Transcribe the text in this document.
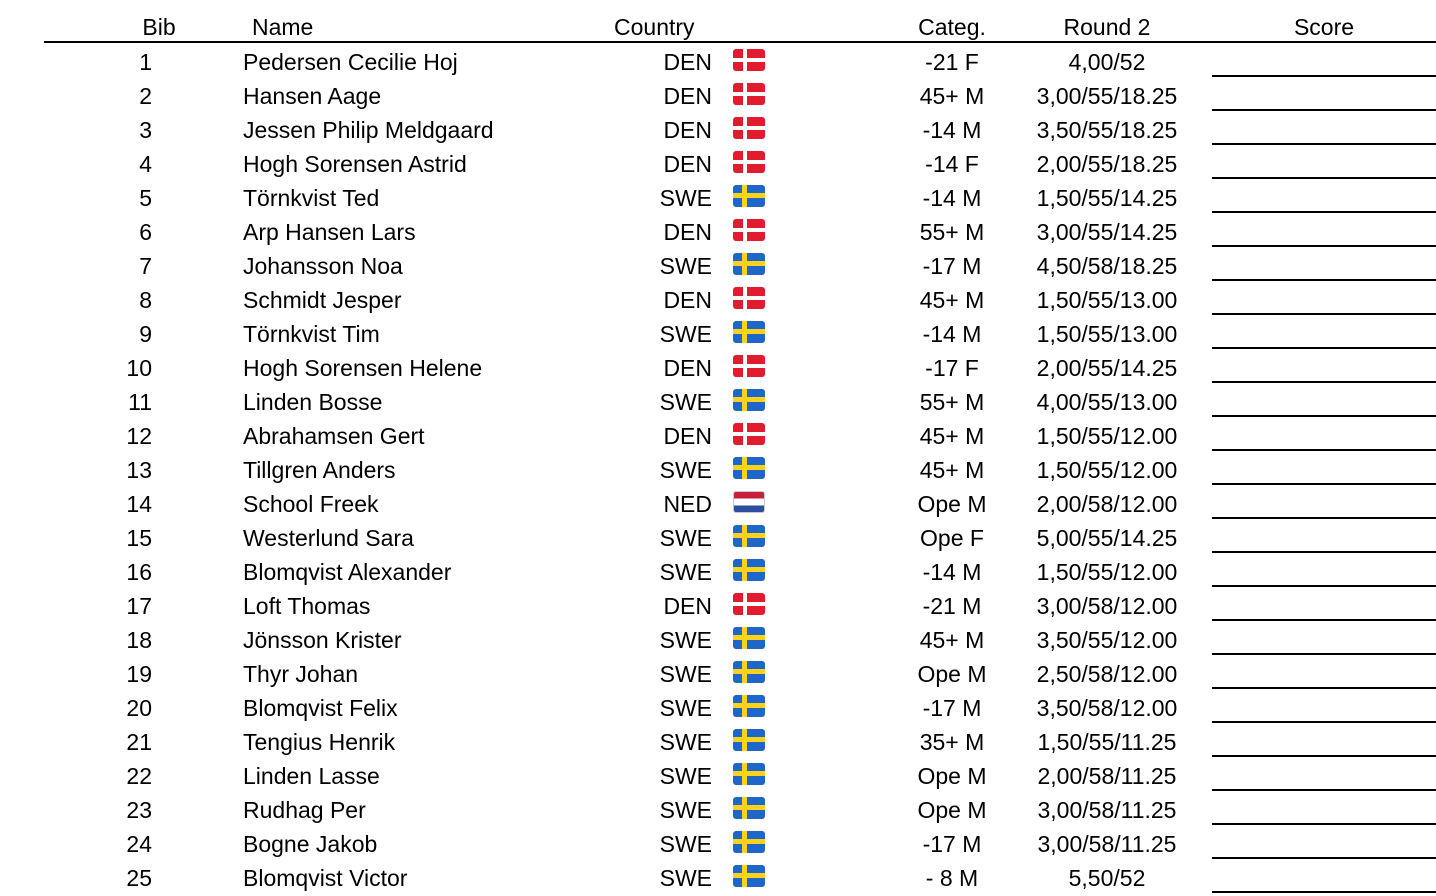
Bib	Name	Country	Categ.	Round 2	Score
1	Pedersen Cecilie Hoj	DEN	-21 F	4,00/52
2	Hansen Aage	DEN	45+ M	3,00/55/18.25
3	Jessen Philip Meldgaard	DEN	-14 M	3,50/55/18.25
4	Hogh Sorensen Astrid	DEN	-14 F	2,00/55/18.25
5	Törnkvist Ted	SWE	-14 M	1,50/55/14.25
6	Arp Hansen Lars	DEN	55+ M	3,00/55/14.25
7	Johansson Noa	SWE	-17 M	4,50/58/18.25
8	Schmidt Jesper	DEN	45+ M	1,50/55/13.00
9	Törnkvist Tim	SWE	-14 M	1,50/55/13.00
10	Hogh Sorensen Helene	DEN	-17 F	2,00/55/14.25
11	Linden Bosse	SWE	55+ M	4,00/55/13.00
12	Abrahamsen Gert	DEN	45+ M	1,50/55/12.00
13	Tillgren Anders	SWE	45+ M	1,50/55/12.00
14	School Freek	NED	Ope M	2,00/58/12.00
15	Westerlund Sara	SWE	Ope F	5,00/55/14.25
16	Blomqvist Alexander	SWE	-14 M	1,50/55/12.00
17	Loft Thomas	DEN	-21 M	3,00/58/12.00
18	Jönsson Krister	SWE	45+ M	3,50/55/12.00
19	Thyr Johan	SWE	Ope M	2,50/58/12.00
20	Blomqvist Felix	SWE	-17 M	3,50/58/12.00
21	Tengius Henrik	SWE	35+ M	1,50/55/11.25
22	Linden Lasse	SWE	Ope M	2,00/58/11.25
23	Rudhag Per	SWE	Ope M	3,00/58/11.25
24	Bogne Jakob	SWE	-17 M	3,00/58/11.25
25	Blomqvist Victor	SWE	- 8 M	5,50/52
